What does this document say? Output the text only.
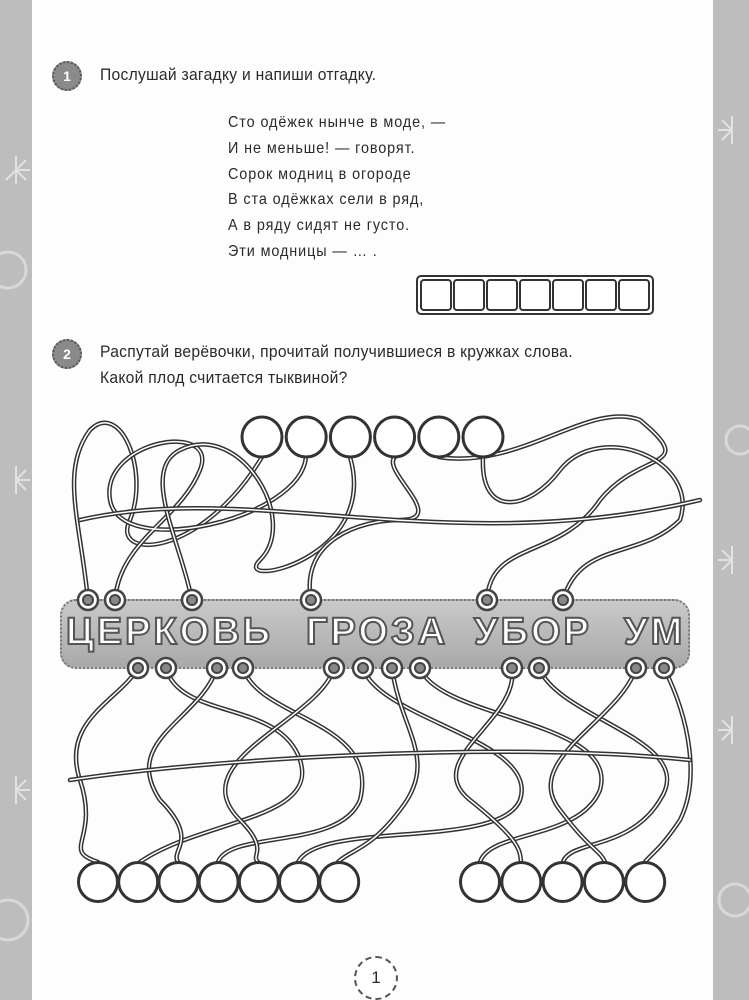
1	Послушай загадку и напиши отгадку.
Сто одёжек нынче в моде, —
И не меньше! — говорят.
Сорок модниц в огороде
В ста одёжках сели в ряд,
А в ряду сидят не густо.
Эти модницы — … .
2	Распутай верёвочки, прочитай получившиеся в кружках слова.
Какой плод считается тыквиной?
ЦЕРКОВЬ ГРОЗА УБОР УМ
1
